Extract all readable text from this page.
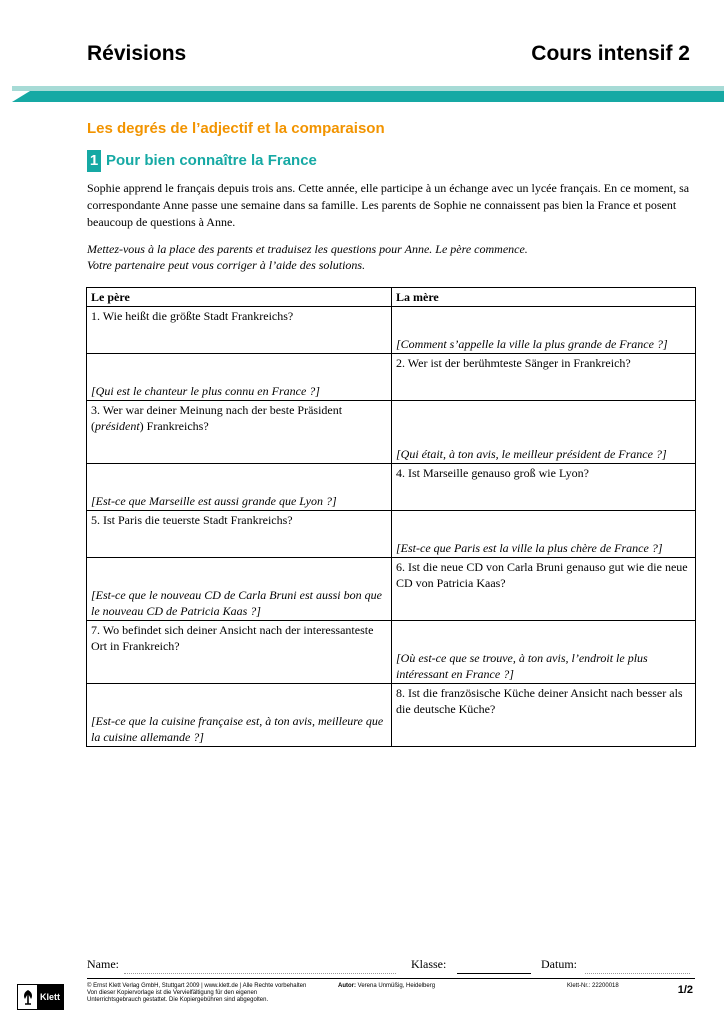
Révisions	Cours intensif 2
Les degrés de l’adjectif et la comparaison
1 Pour bien connaître la France

Sophie apprend le français depuis trois ans. Cette année, elle participe à un échange avec un lycée français. En ce moment, sa correspondante Anne passe une semaine dans sa famille. Les parents de Sophie ne connaissent pas bien la France et posent beaucoup de questions à Anne.

Mettez-vous à la place des parents et traduisez les questions pour Anne. Le père commence.
Votre partenaire peut vous corriger à l’aide des solutions.
Le père	La mère

1. Wie heißt die größte Stadt Frankreichs?	[Comment s’appelle la ville la plus grande de France ?]

[Qui est le chanteur le plus connu en France ?]	2. Wer ist der berühmteste Sänger in Frankreich?

3. Wer war deiner Meinung nach der beste Präsident (président) Frankreichs?	[Qui était, à ton avis, le meilleur président de France ?]

[Est-ce que Marseille est aussi grande que Lyon ?]	4. Ist Marseille genauso groß wie Lyon?

5. Ist Paris die teuerste Stadt Frankreichs?	[Est-ce que Paris est la ville la plus chère de France ?]

[Est-ce que le nouveau CD de Carla Bruni est aussi bon que le nouveau CD de Patricia Kaas ?]	6. Ist die neue CD von Carla Bruni genauso gut wie die neue CD von Patricia Kaas?

7. Wo befindet sich deiner Ansicht nach der interessanteste Ort in Frankreich?	[Où est-ce que se trouve, à ton avis, l’endroit le plus intéressant en France ?]

[Est-ce que la cuisine française est, à ton avis, meilleure que la cuisine allemande ?]	8. Ist die französische Küche deiner Ansicht nach besser als die deutsche Küche?
Name:	Klasse:	Datum:
Klett
© Ernst Klett Verlag GmbH, Stuttgart 2009 | www.klett.de | Alle Rechte vorbehalten
Von dieser Kopiervorlage ist die Vervielfältigung für den eigenen
Unterrichtsgebrauch gestattet. Die Kopiergebühren sind abgegolten.
Autor: Verena Unmüßig, Heidelberg	Klett-Nr.: 22200018	1/2
